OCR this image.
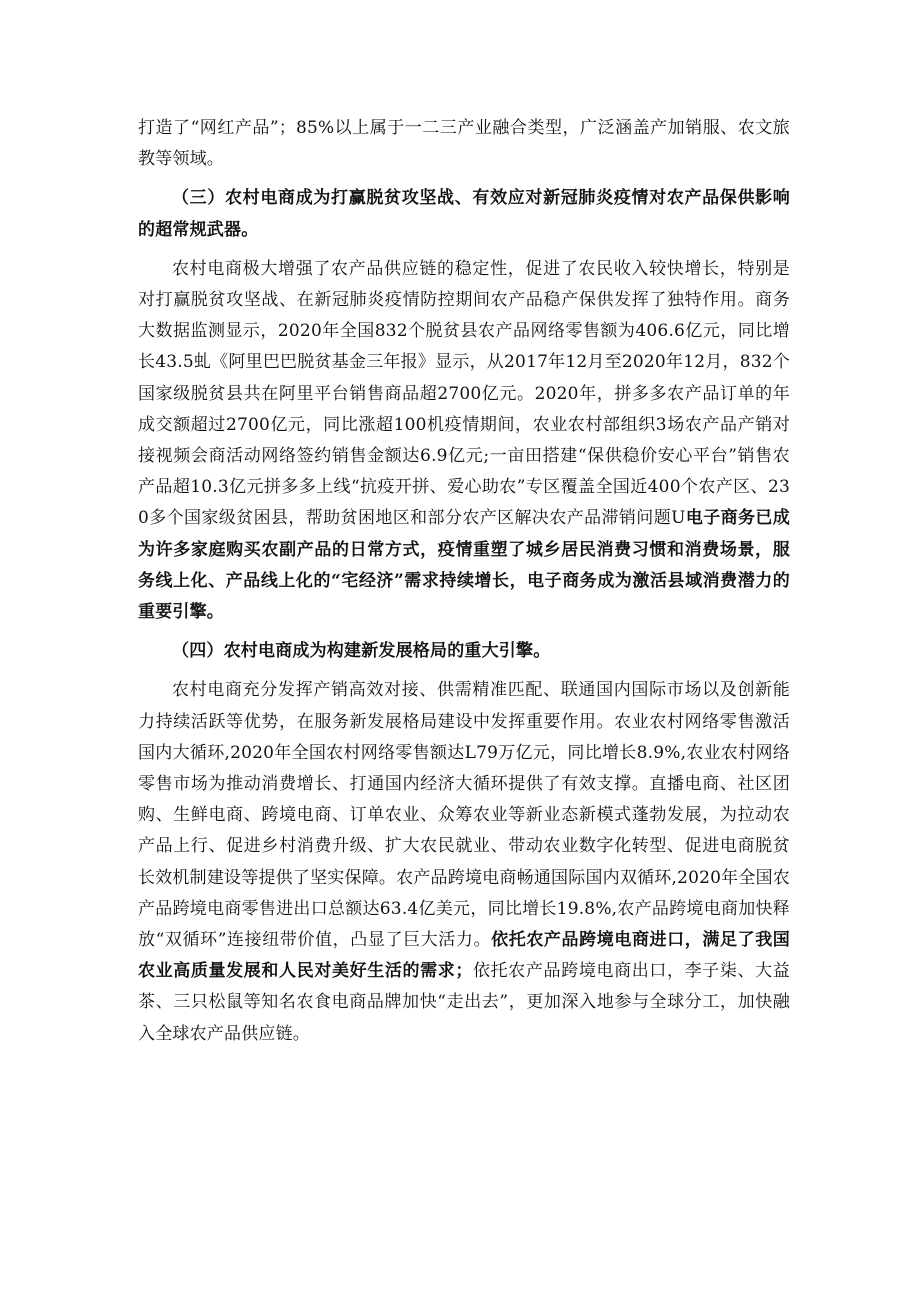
打造了“网红产品”；85%以上属于一二三产业融合类型，广泛涵盖产加销服、农文旅教等领域。

（三）农村电商成为打赢脱贫攻坚战、有效应对新冠肺炎疫情对农产品保供影响的超常规武器。

农村电商极大增强了农产品供应链的稳定性，促进了农民收入较快增长，特别是对打赢脱贫攻坚战、在新冠肺炎疫情防控期间农产品稳产保供发挥了独特作用。商务大数据监测显示，2020年全国832个脱贫县农产品网络零售额为406.6亿元，同比增长43.5虬《阿里巴巴脱贫基金三年报》显示，从2017年12月至2020年12月，832个国家级脱贫县共在阿里平台销售商品超2700亿元。2020年，拼多多农产品订单的年成交额超过2700亿元，同比涨超100机疫情期间，农业农村部组织3场农产品产销对接视频会商活动网络签约销售金额达6.9亿元;一亩田搭建“保供稳价安心平台”销售农产品超10.3亿元拼多多上线“抗疫开拼、爱心助农”专区覆盖全国近400个农产区、230多个国家级贫困县，帮助贫困地区和部分农产区解决农产品滞销问题U电子商务已成为许多家庭购买农副产品的日常方式，疫情重塑了城乡居民消费习惯和消费场景，服务线上化、产品线上化的“宅经济”需求持续增长，电子商务成为激活县域消费潜力的重要引擎。

（四）农村电商成为构建新发展格局的重大引擎。

农村电商充分发挥产销高效对接、供需精准匹配、联通国内国际市场以及创新能力持续活跃等优势，在服务新发展格局建设中发挥重要作用。农业农村网络零售激活国内大循环,2020年全国农村网络零售额达L79万亿元，同比增长8.9%,农业农村网络零售市场为推动消费增长、打通国内经济大循环提供了有效支撑。直播电商、社区团购、生鲜电商、跨境电商、订单农业、众筹农业等新业态新模式蓬勃发展，为拉动农产品上行、促进乡村消费升级、扩大农民就业、带动农业数字化转型、促进电商脱贫长效机制建设等提供了坚实保障。农产品跨境电商畅通国际国内双循环,2020年全国农产品跨境电商零售进出口总额达63.4亿美元，同比增长19.8%,农产品跨境电商加快释放“双循环”连接纽带价值，凸显了巨大活力。依托农产品跨境电商进口，满足了我国农业高质量发展和人民对美好生活的需求；依托农产品跨境电商出口，李子柒、大益茶、三只松鼠等知名农食电商品牌加快“走出去”，更加深入地参与全球分工，加快融入全球农产品供应链。
